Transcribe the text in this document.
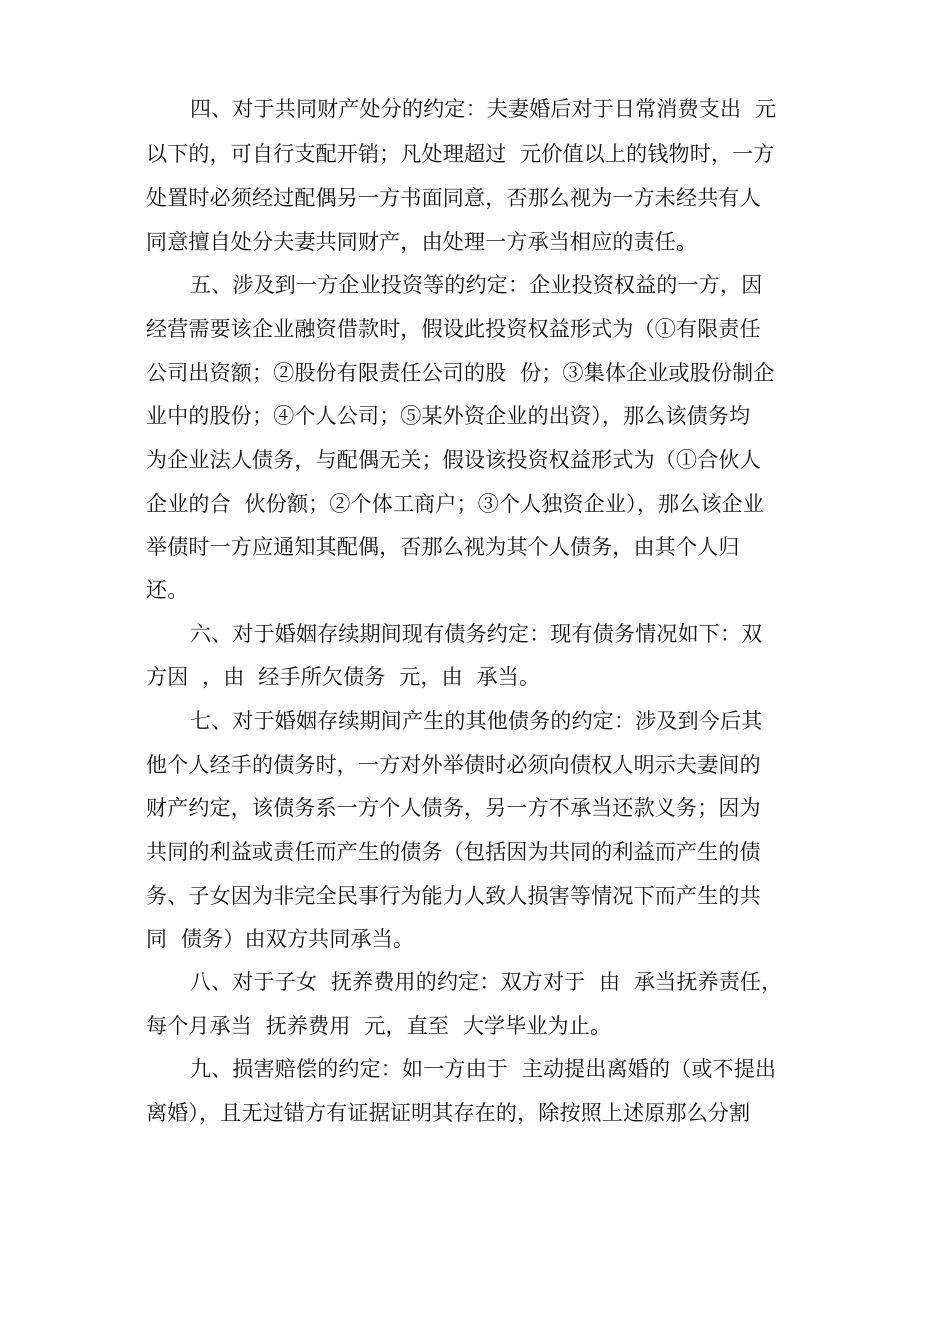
四、对于共同财产处分的约定：夫妻婚后对于日常消费支出  元
以下的，可自行支配开销；凡处理超过  元价值以上的钱物时，一方
处置时必须经过配偶另一方书面同意，否那么视为一方未经共有人
同意擅自处分夫妻共同财产，由处理一方承当相应的责任。
五、涉及到一方企业投资等的约定：企业投资权益的一方，因
经营需要该企业融资借款时，假设此投资权益形式为（①有限责任
公司出资额；②股份有限责任公司的股  份；③集体企业或股份制企
业中的股份；④个人公司；⑤某外资企业的出资），那么该债务均
为企业法人债务，与配偶无关；假设该投资权益形式为（①合伙人
企业的合  伙份额；②个体工商户；③个人独资企业），那么该企业
举债时一方应通知其配偶，否那么视为其个人债务，由其个人归
还。
六、对于婚姻存续期间现有债务约定：现有债务情况如下：双
方因  ，由  经手所欠债务  元，由  承当。
七、对于婚姻存续期间产生的其他债务的约定：涉及到今后其
他个人经手的债务时，一方对外举债时必须向债权人明示夫妻间的
财产约定，该债务系一方个人债务，另一方不承当还款义务；因为
共同的利益或责任而产生的债务（包括因为共同的利益而产生的债
务、子女因为非完全民事行为能力人致人损害等情况下而产生的共
同  债务）由双方共同承当。
八、对于子女  抚养费用的约定：双方对于  由  承当抚养责任，
每个月承当  抚养费用  元，直至  大学毕业为止。
九、损害赔偿的约定：如一方由于  主动提出离婚的（或不提出
离婚），且无过错方有证据证明其存在的，除按照上述原那么分割
